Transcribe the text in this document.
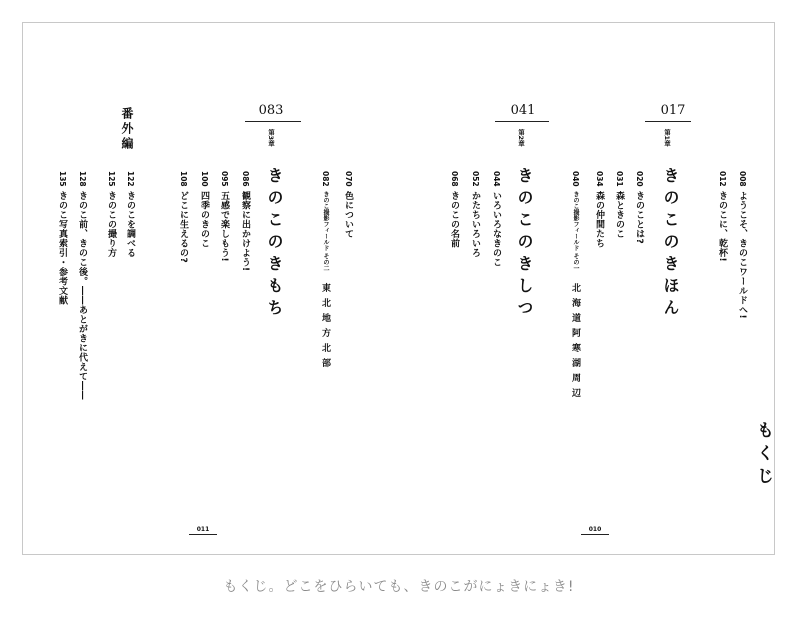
もくじ
008ようこそ、きのこワールドへ!
012きのこに、乾杯!
017
第1章
きのこのきほん
020きのことは?
031森ときのこ
034森の仲間たち
040きのこ撮影フィールド その一北海道阿寒湖周辺
041
第2章
きのこのきしつ
044いろいろなきのこ
052かたちいろいろ
068きのこの名前
082きのこ撮影フィールド その二東北地方北部
070色について
083
第3章
きのこのきもち
086観察に出かけよう!
095五感で楽しもう!
100四季のきのこ
108どこに生えるの?
番外編
122きのこを調べる
125きのこの撮り方
128きのこ前、きのこ後。――あとがきに代えて――
135きのこ写真索引・参考文献
011	010
もくじ。どこをひらいても、きのこがにょきにょき!
